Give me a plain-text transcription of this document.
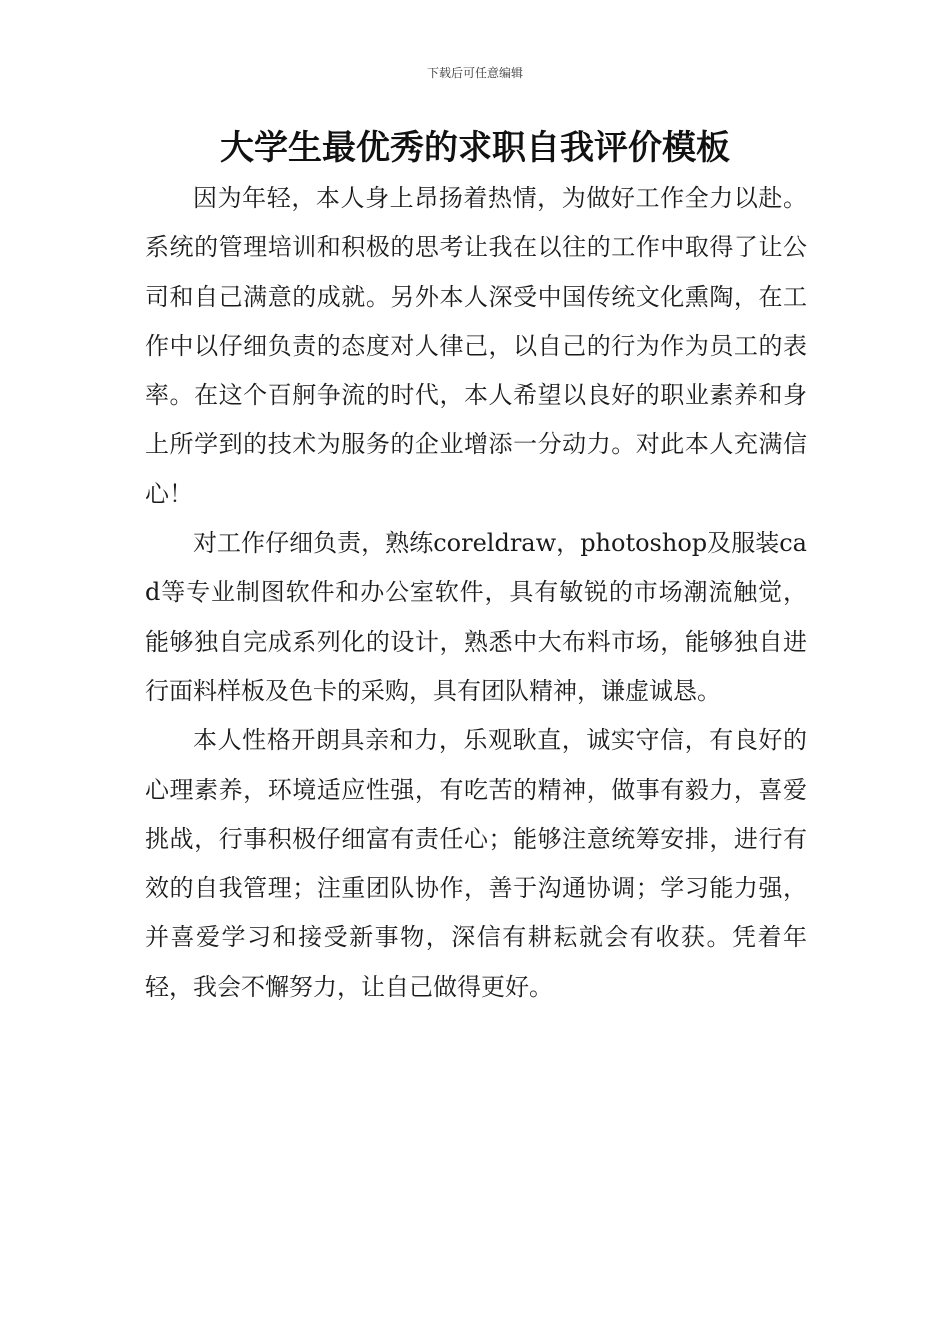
下载后可任意编辑
大学生最优秀的求职自我评价模板

因为年轻，本人身上昂扬着热情，为做好工作全力以赴。系统的管理培训和积极的思考让我在以往的工作中取得了让公司和自己满意的成就。另外本人深受中国传统文化熏陶，在工作中以仔细负责的态度对人律己，以自己的行为作为员工的表率。在这个百舸争流的时代，本人希望以良好的职业素养和身上所学到的技术为服务的企业增添一分动力。对此本人充满信心！

对工作仔细负责，熟练coreldraw，photoshop及服装cad等专业制图软件和办公室软件，具有敏锐的市场潮流触觉，能够独自完成系列化的设计，熟悉中大布料市场，能够独自进行面料样板及色卡的采购，具有团队精神，谦虚诚恳。

本人性格开朗具亲和力，乐观耿直，诚实守信，有良好的心理素养，环境适应性强，有吃苦的精神，做事有毅力，喜爱挑战，行事积极仔细富有责任心；能够注意统筹安排，进行有效的自我管理；注重团队协作，善于沟通协调；学习能力强，并喜爱学习和接受新事物，深信有耕耘就会有收获。凭着年轻，我会不懈努力，让自己做得更好。
